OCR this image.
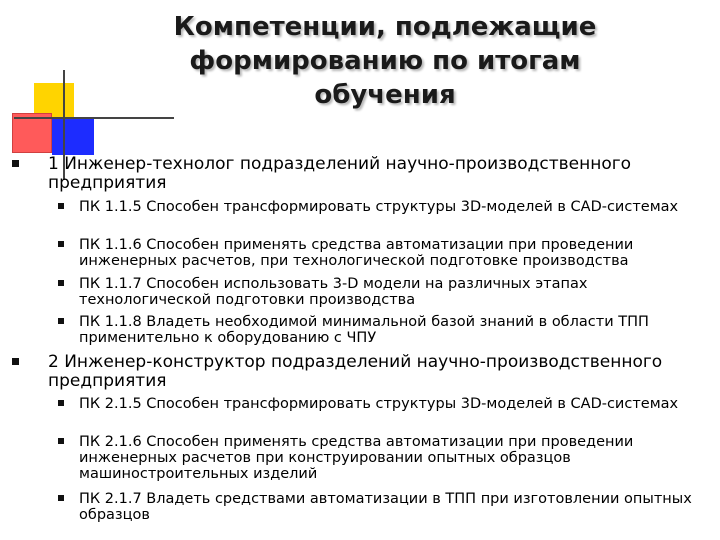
Компетенции, подлежащие
формированию по итогам
обучения
1 Инженер-технолог подразделений научно-производственного предприятия
ПК 1.1.5 Способен трансформировать структуры 3D-моделей в CAD-системах
ПК 1.1.6 Способен применять средства автоматизации при проведении инженерных расчетов, при технологической подготовке производства
ПК 1.1.7 Способен использовать 3-D модели на различных этапах технологической подготовки производства
ПК 1.1.8 Владеть необходимой минимальной базой знаний в области ТПП применительно к оборудованию с ЧПУ
2 Инженер-конструктор подразделений научно-производственного предприятия
ПК 2.1.5 Способен трансформировать структуры 3D-моделей в CAD-системах
ПК 2.1.6 Способен применять средства автоматизации при проведении инженерных расчетов при конструировании опытных образцов машиностроительных изделий
ПК 2.1.7 Владеть средствами автоматизации в ТПП при изготовлении опытных образцов
